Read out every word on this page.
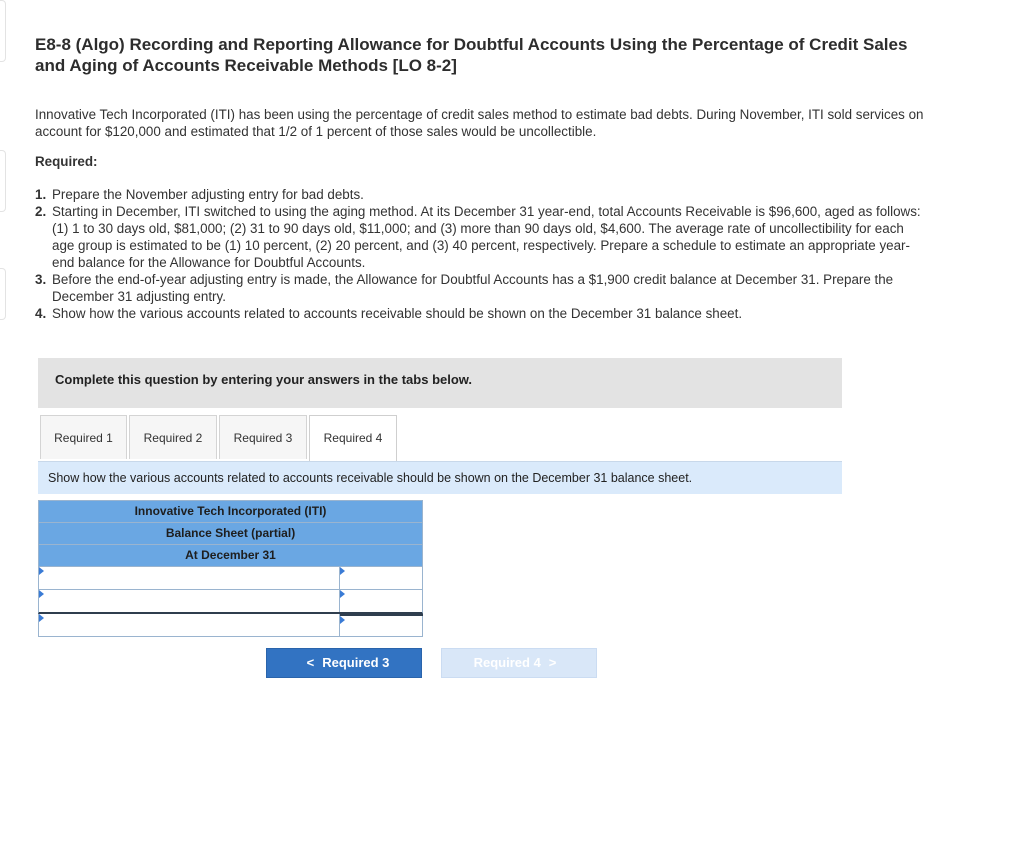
E8-8 (Algo) Recording and Reporting Allowance for Doubtful Accounts Using the Percentage of Credit Sales and Aging of Accounts Receivable Methods [LO 8-2]

Innovative Tech Incorporated (ITI) has been using the percentage of credit sales method to estimate bad debts. During November, ITI sold services on account for $120,000 and estimated that 1/2 of 1 percent of those sales would be uncollectible.

Required:

1. Prepare the November adjusting entry for bad debts.
2. Starting in December, ITI switched to using the aging method. At its December 31 year-end, total Accounts Receivable is $96,600, aged as follows: (1) 1 to 30 days old, $81,000; (2) 31 to 90 days old, $11,000; and (3) more than 90 days old, $4,600. The average rate of uncollectibility for each age group is estimated to be (1) 10 percent, (2) 20 percent, and (3) 40 percent, respectively. Prepare a schedule to estimate an appropriate year-end balance for the Allowance for Doubtful Accounts.
3. Before the end-of-year adjusting entry is made, the Allowance for Doubtful Accounts has a $1,900 credit balance at December 31. Prepare the December 31 adjusting entry.
4. Show how the various accounts related to accounts receivable should be shown on the December 31 balance sheet.
Complete this question by entering your answers in the tabs below.
Required 1	Required 2	Required 3	Required 4
Show how the various accounts related to accounts receivable should be shown on the December 31 balance sheet.
Innovative Tech Incorporated (ITI)
Balance Sheet (partial)
At December 31
< Required 3	Required 4 >
